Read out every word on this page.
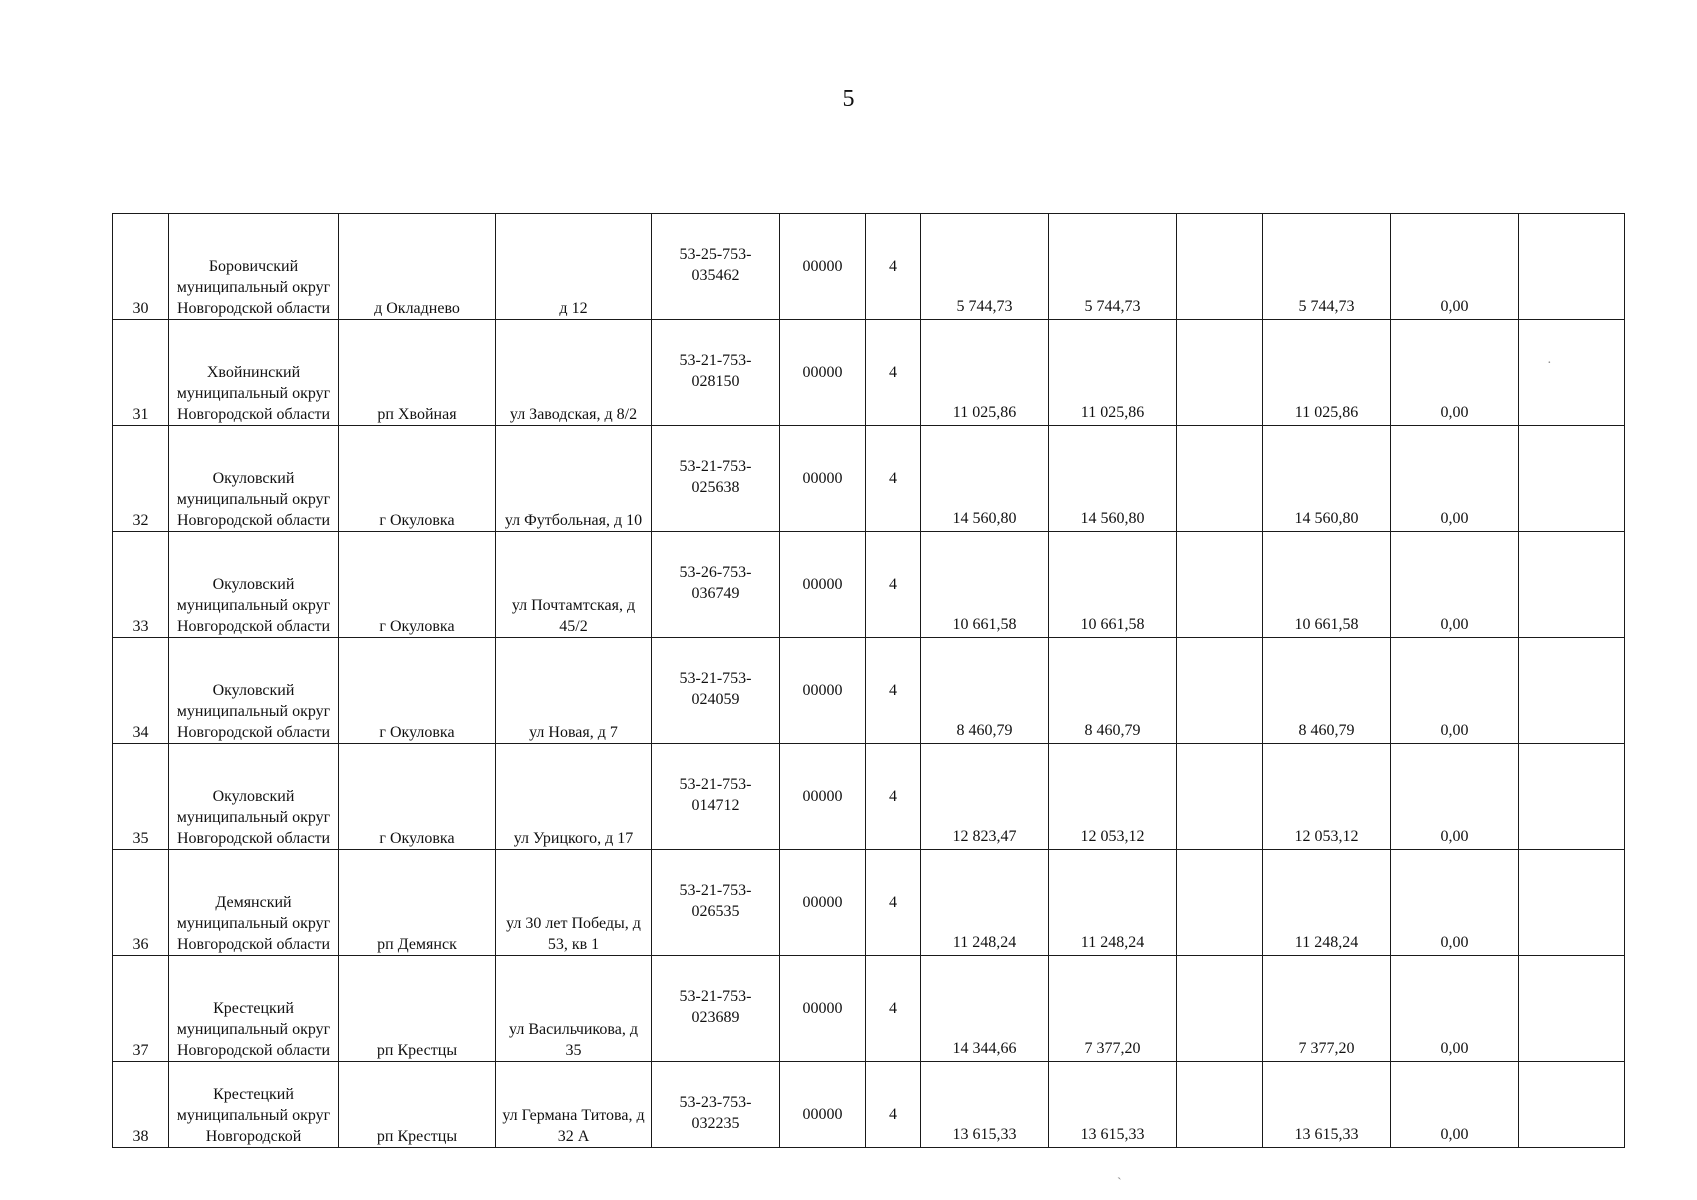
5
30	Боровичский муниципальный округ Новгородской области	д Окладнево	д 12	53-25-753-035462	00000	4	5 744,73	5 744,73		5 744,73	0,00	
31	Хвойнинский муниципальный округ Новгородской области	рп Хвойная	ул Заводская, д 8/2	53-21-753-028150	00000	4	11 025,86	11 025,86		11 025,86	0,00	
32	Окуловский муниципальный округ Новгородской области	г Окуловка	ул Футбольная, д 10	53-21-753-025638	00000	4	14 560,80	14 560,80		14 560,80	0,00	
33	Окуловский муниципальный округ Новгородской области	г Окуловка	ул Почтамтская, д 45/2	53-26-753-036749	00000	4	10 661,58	10 661,58		10 661,58	0,00	
34	Окуловский муниципальный округ Новгородской области	г Окуловка	ул Новая, д 7	53-21-753-024059	00000	4	8 460,79	8 460,79		8 460,79	0,00	
35	Окуловский муниципальный округ Новгородской области	г Окуловка	ул Урицкого, д 17	53-21-753-014712	00000	4	12 823,47	12 053,12		12 053,12	0,00	
36	Демянский муниципальный округ Новгородской области	рп Демянск	ул 30 лет Победы, д 53, кв 1	53-21-753-026535	00000	4	11 248,24	11 248,24		11 248,24	0,00	
37	Крестецкий муниципальный округ Новгородской области	рп Крестцы	ул Васильчикова, д 35	53-21-753-023689	00000	4	14 344,66	7 377,20		7 377,20	0,00	
38	Крестецкий муниципальный округ Новгородской	рп Крестцы	ул Германа Титова, д 32 А	53-23-753-032235	00000	4	13 615,33	13 615,33		13 615,33	0,00	
·
`
